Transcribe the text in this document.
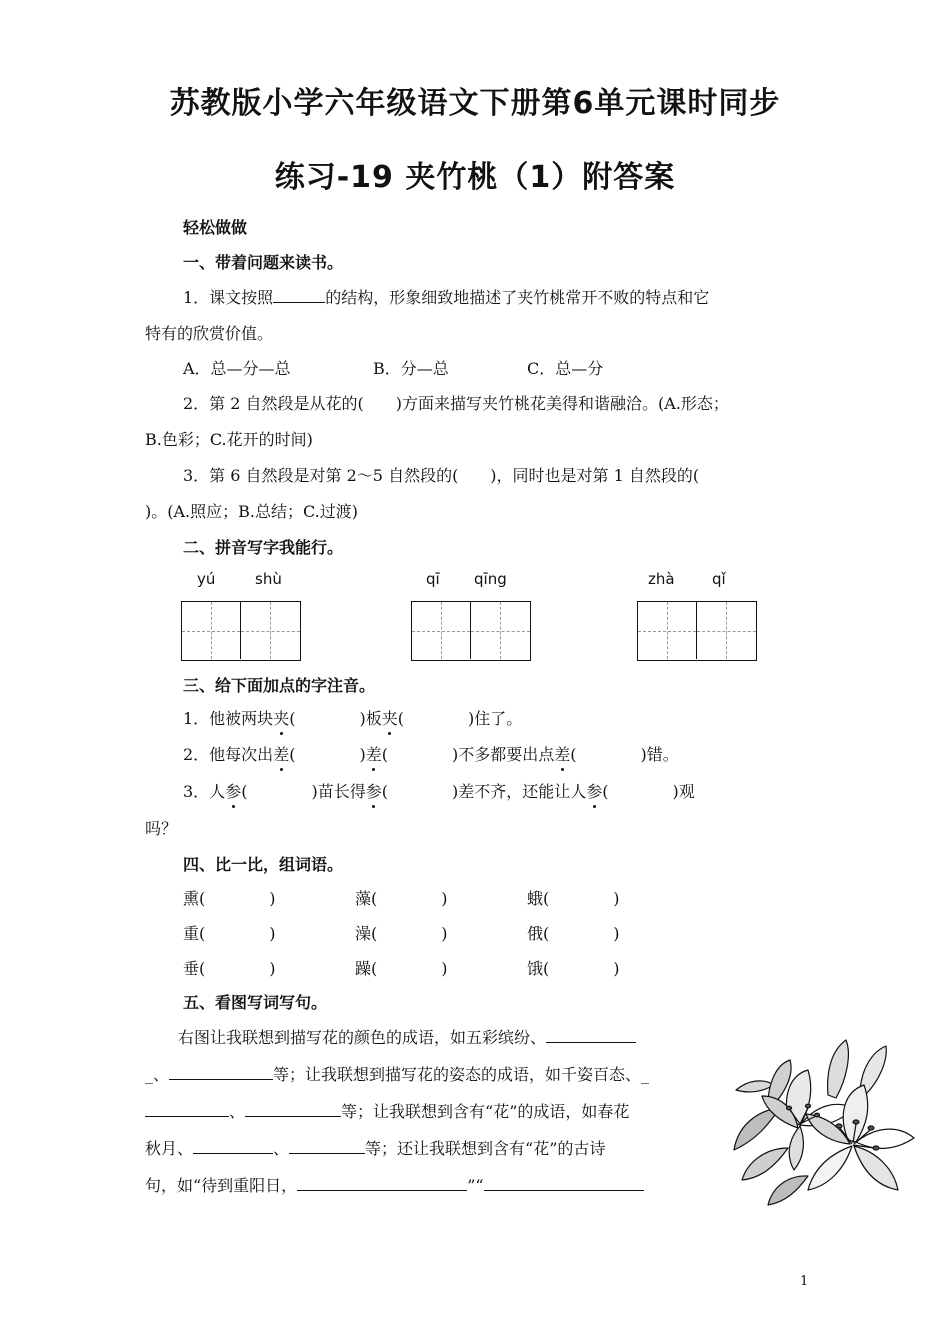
苏教版小学六年级语文下册第6单元课时同步
练习-19 夹竹桃（1）附答案
轻松做做
一、带着问题来读书。
1．课文按照	的结构，形象细致地描述了夹竹桃常开不败的特点和它
特有的欣赏价值。
A．总—分—总	B．分—总	C．总—分
2．第 2 自然段是从花的(　　)方面来描写夹竹桃花美得和谐融洽。(A.形态；
B.色彩；C.花开的时间)
3．第 6 自然段是对第 2～5 自然段的(　　)，同时也是对第 1 自然段的(
)。(A.照应；B.总结；C.过渡)
二、拼音写字我能行。
yú	shù	qī qīng	zhà qǐ
三、给下面加点的字注音。
1．他被两块夹(　　　　)板夹(　　　　)住了。
2．他每次出差(　　　　)差(　　　　)不多都要出点差(　　　　)错。
3．人参(　　　　)苗长得参(　　　　)差不齐，还能让人参(　　　　)观
吗？
四、比一比，组词语。
熏(　　　　)	藻(　　　　)	蛾(　　　　)
重(　　　　)	澡(　　　　)	俄(　　　　)
垂(　　　　)	躁(　　　　)	饿(　　　　)
五、看图写词写句。
右图让我联想到描写花的颜色的成语，如五彩缤纷、
_、	等；让我联想到描写花的姿态的成语，如千姿百态、_
、	等；让我联想到含有“花”的成语，如春花
秋月、	、	等；还让我联想到含有“花”的古诗
句，如“待到重阳日，	”“
1
